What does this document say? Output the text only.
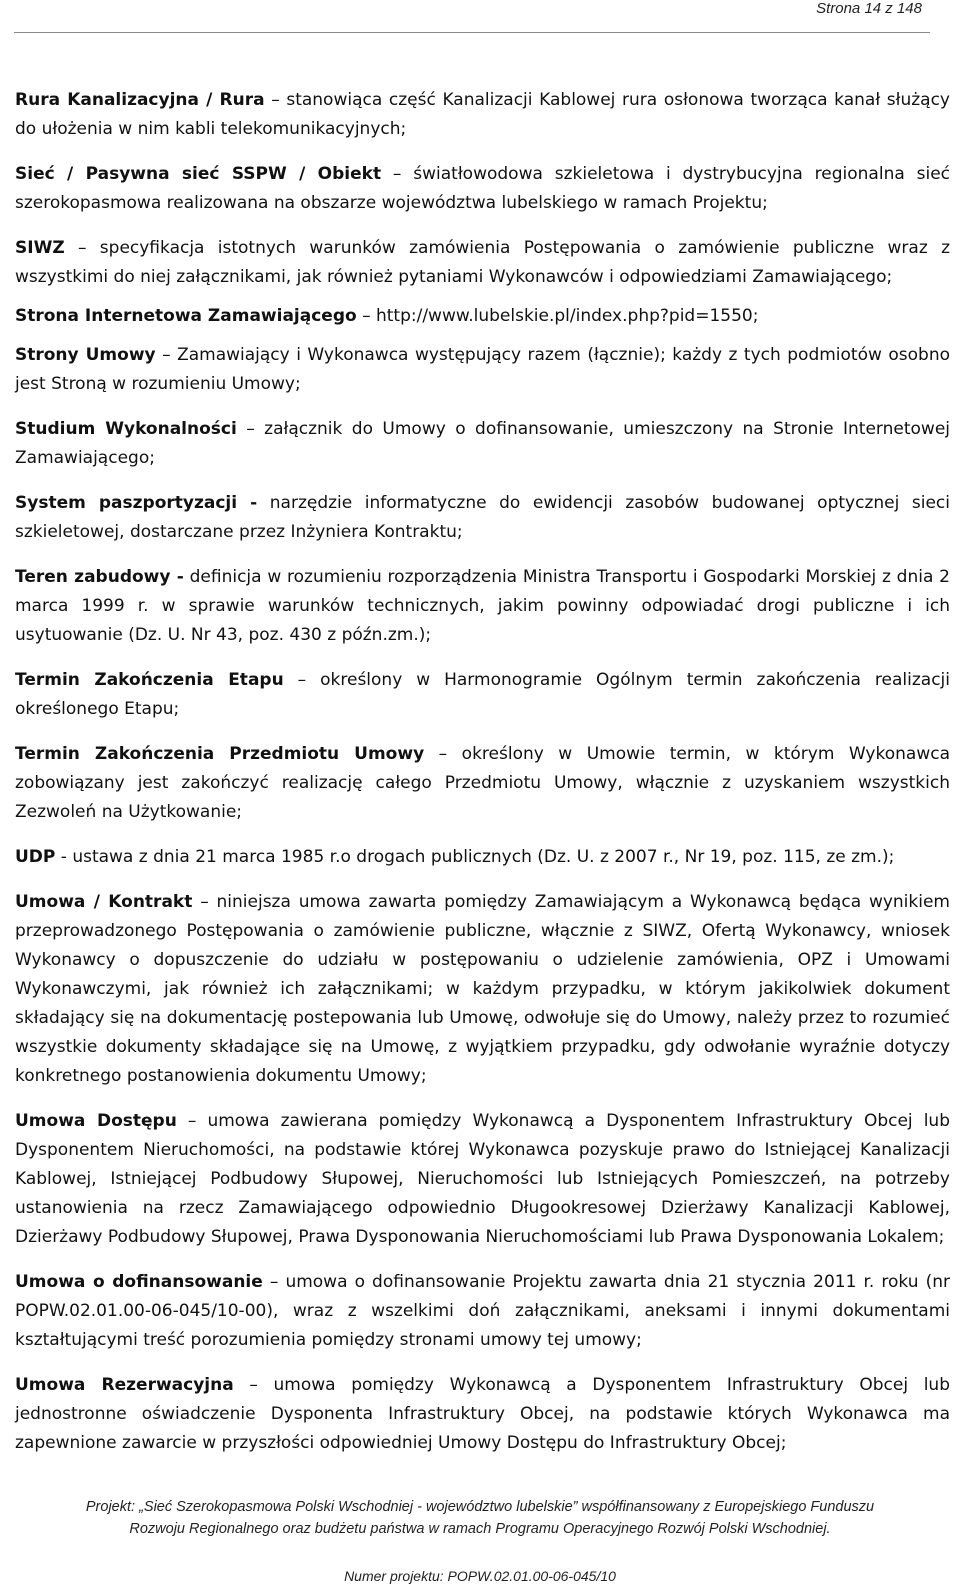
Strona 14 z 148

Rura Kanalizacyjna / Rura – stanowiąca część Kanalizacji Kablowej rura osłonowa tworząca kanał służący do ułożenia w nim kabli telekomunikacyjnych;

Sieć / Pasywna sieć SSPW / Obiekt – światłowodowa szkieletowa i dystrybucyjna regionalna sieć szerokopasmowa realizowana na obszarze województwa lubelskiego w ramach Projektu;

SIWZ – specyfikacja istotnych warunków zamówienia Postępowania o zamówienie publiczne wraz z wszystkimi do niej załącznikami, jak również pytaniami Wykonawców i odpowiedziami Zamawiającego;

Strona Internetowa Zamawiającego – http://www.lubelskie.pl/index.php?pid=1550;

Strony Umowy – Zamawiający i Wykonawca występujący razem (łącznie); każdy z tych podmiotów osobno jest Stroną w rozumieniu Umowy;

Studium Wykonalności – załącznik do Umowy o dofinansowanie, umieszczony na Stronie Internetowej Zamawiającego;

System paszportyzacji - narzędzie informatyczne do ewidencji zasobów budowanej optycznej sieci szkieletowej, dostarczane przez Inżyniera Kontraktu;

Teren zabudowy - definicja w rozumieniu rozporządzenia Ministra Transportu i Gospodarki Morskiej z dnia 2 marca 1999 r. w sprawie warunków technicznych, jakim powinny odpowiadać drogi publiczne i ich usytuowanie (Dz. U. Nr 43, poz. 430 z późn.zm.);

Termin Zakończenia Etapu – określony w Harmonogramie Ogólnym termin zakończenia realizacji określonego Etapu;

Termin Zakończenia Przedmiotu Umowy – określony w Umowie termin, w którym Wykonawca zobowiązany jest zakończyć realizację całego Przedmiotu Umowy, włącznie z uzyskaniem wszystkich Zezwoleń na Użytkowanie;

UDP - ustawa z dnia 21 marca 1985 r.o drogach publicznych (Dz. U. z 2007 r., Nr 19, poz. 115, ze zm.);

Umowa / Kontrakt – niniejsza umowa zawarta pomiędzy Zamawiającym a Wykonawcą będąca wynikiem przeprowadzonego Postępowania o zamówienie publiczne, włącznie z SIWZ, Ofertą Wykonawcy, wniosek Wykonawcy o dopuszczenie do udziału w postępowaniu o udzielenie zamówienia, OPZ i Umowami Wykonawczymi, jak również ich załącznikami; w każdym przypadku, w którym jakikolwiek dokument składający się na dokumentację postepowania lub Umowę, odwołuje się do Umowy, należy przez to rozumieć wszystkie dokumenty składające się na Umowę, z wyjątkiem przypadku, gdy odwołanie wyraźnie dotyczy konkretnego postanowienia dokumentu Umowy;

Umowa Dostępu – umowa zawierana pomiędzy Wykonawcą a Dysponentem Infrastruktury Obcej lub Dysponentem Nieruchomości, na podstawie której Wykonawca pozyskuje prawo do Istniejącej Kanalizacji Kablowej, Istniejącej Podbudowy Słupowej, Nieruchomości lub Istniejących Pomieszczeń, na potrzeby ustanowienia na rzecz Zamawiającego odpowiednio Długookresowej Dzierżawy Kanalizacji Kablowej, Dzierżawy Podbudowy Słupowej, Prawa Dysponowania Nieruchomościami lub Prawa Dysponowania Lokalem;

Umowa o dofinansowanie – umowa o dofinansowanie Projektu zawarta dnia 21 stycznia 2011 r. roku (nr POPW.02.01.00-06-045/10-00), wraz z wszelkimi doń załącznikami, aneksami i innymi dokumentami kształtującymi treść porozumienia pomiędzy stronami umowy tej umowy;

Umowa Rezerwacyjna – umowa pomiędzy Wykonawcą a Dysponentem Infrastruktury Obcej lub jednostronne oświadczenie Dysponenta Infrastruktury Obcej, na podstawie których Wykonawca ma zapewnione zawarcie w przyszłości odpowiedniej Umowy Dostępu do Infrastruktury Obcej;

Projekt: „Sieć Szerokopasmowa Polski Wschodniej - województwo lubelskie” współfinansowany z Europejskiego Funduszu
Rozwoju Regionalnego oraz budżetu państwa w ramach Programu Operacyjnego Rozwój Polski Wschodniej.
Numer projektu: POPW.02.01.00-06-045/10
